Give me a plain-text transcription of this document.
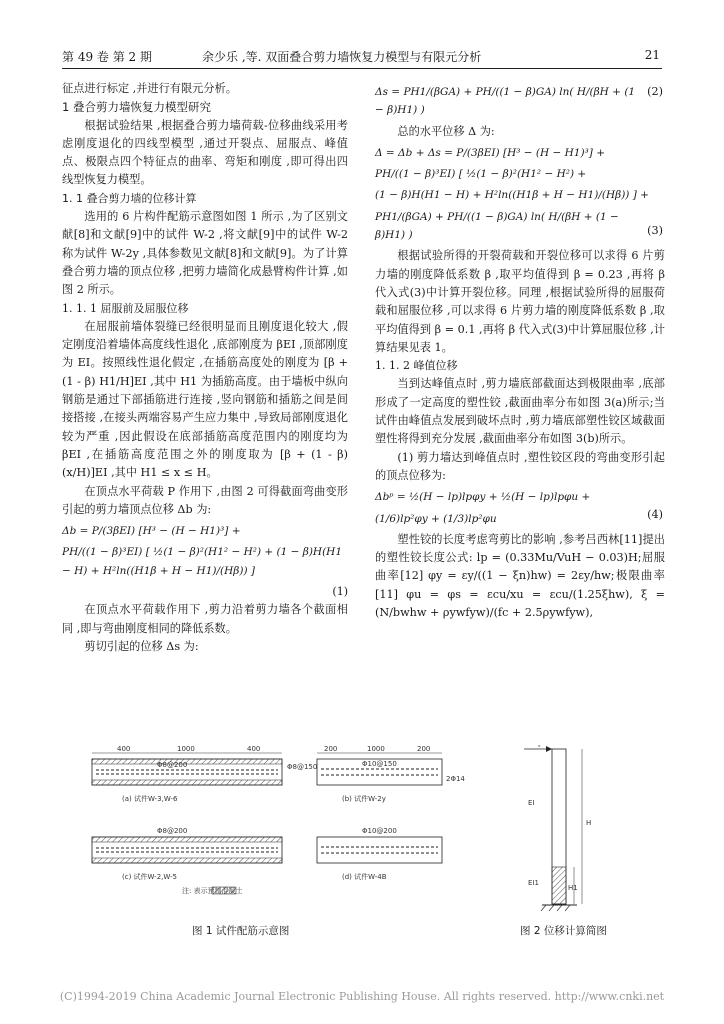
第 49 卷 第 2 期	余少乐 ,等. 双面叠合剪力墙恢复力模型与有限元分析	21

征点进行标定 ,并进行有限元分析。

1 叠合剪力墙恢复力模型研究

根据试验结果 ,根据叠合剪力墙荷载-位移曲线采用考虑刚度退化的四线型模型 ,通过开裂点、屈服点、峰值点、极限点四个特征点的曲率、弯矩和刚度 ,即可得出四线型恢复力模型。

1. 1 叠合剪力墙的位移计算

选用的 6 片构件配筋示意图如图 1 所示 ,为了区别文献[8]和文献[9]中的试件 W-2 ,将文献[9]中的试件 W-2 称为试件 W-2y ,具体参数见文献[8]和文献[9]。为了计算叠合剪力墙的顶点位移 ,把剪力墙简化成悬臂构件计算 ,如图 2 所示。

1. 1. 1 屈服前及屈服位移

在屈服前墙体裂缝已经很明显而且刚度退化较大 ,假定刚度沿着墙体高度线性退化 ,底部刚度为 βEI ,顶部刚度为 EI。按照线性退化假定 ,在插筋高度处的刚度为 [β + (1 - β) H1/H]EI ,其中 H1 为插筋高度。由于墙板中纵向钢筋是通过下部插筋进行连接 ,竖向钢筋和插筋之间是间接搭接 ,在接头两端容易产生应力集中 ,导致局部刚度退化较为严重 ,因此假设在底部插筋高度范围内的刚度均为 βEI ,在插筋高度范围之外的刚度取为 [β + (1 - β)(x/H)]EI ,其中 H1 ≤ x ≤ H。

在顶点水平荷载 P 作用下 ,由图 2 可得截面弯曲变形引起的剪力墙顶点位移 Δb 为:

Δb = P/(3βEI) [H³ − (H − H1)³] +

PH/((1 − β)³EI) [ ½(1 − β)²(H1² − H²) + (1 − β)H(H1 − H) + H²ln((H1β + H − H1)/(Hβ)) ]

(1)

在顶点水平荷载作用下 ,剪力沿着剪力墙各个截面相同 ,即与弯曲刚度相同的降低系数。

剪切引起的位移 Δs 为:

Δs = PH1/(βGA) + PH/((1 − β)GA) ln( H/(βH + (1 − β)H1) )

(2)

总的水平位移 Δ 为:

Δ = Δb + Δs = P/(3βEI) [H³ − (H − H1)³] +

PH/((1 − β)³EI) [ ½(1 − β)²(H1² − H²) +

(1 − β)H(H1 − H) + H²ln((H1β + H − H1)/(Hβ)) ] +

PH1/(βGA) + PH/((1 − β)GA) ln( H/(βH + (1 − β)H1) )	(3)

根据试验所得的开裂荷载和开裂位移可以求得 6 片剪力墙的刚度降低系数 β ,取平均值得到 β = 0.23 ,再将 β 代入式(3)中计算开裂位移。同理 ,根据试验所得的屈服荷载和屈服位移 ,可以求得 6 片剪力墙的刚度降低系数 β ,取平均值得到 β = 0.1 ,再将 β 代入式(3)中计算屈服位移 ,计算结果见表 1。

1. 1. 2 峰值位移

当到达峰值点时 ,剪力墙底部截面达到极限曲率 ,底部形成了一定高度的塑性铰 ,截面曲率分布如图 3(a)所示;当试件由峰值点发展到破坏点时 ,剪力墙底部塑性铰区域截面塑性将得到充分发展 ,截面曲率分布如图 3(b)所示。

(1) 剪力墙达到峰值点时 ,塑性铰区段的弯曲变形引起的顶点位移为:

Δbᵖ = ½(H − lp)lpφy + ½(H − lp)lpφu +

(1/6)lp²φy + (1/3)lp²φu	(4)

塑性铰的长度考虑弯剪比的影响 ,参考吕西林[11]提出的塑性铰长度公式: lp = (0.33Mu/VuH − 0.03)H;屈服曲率[12] φy = εy/((1 − ξn)hw) = 2εy/hw;极限曲率[11] φu = φs = εcu/xu = εcu/(1.25ξhw), ξ = (N/bwhw + ρywfyw)/(fc + 2.5ρywfyw),

400	1000	400
Φ8@200	Φ8@150
(a) 试件W-3,W-6
200	1000	200
Φ10@150
2Φ14
(b) 试件W-2y
Φ8@200
(c) 试件W-2,W-5
Φ10@200
(d) 试件W-4B
注: 表示预制混凝土
P
EI
EI1
H
H1
图 1 试件配筋示意图	图 2 位移计算简图
(C)1994-2019 China Academic Journal Electronic Publishing House. All rights reserved. http://www.cnki.net
